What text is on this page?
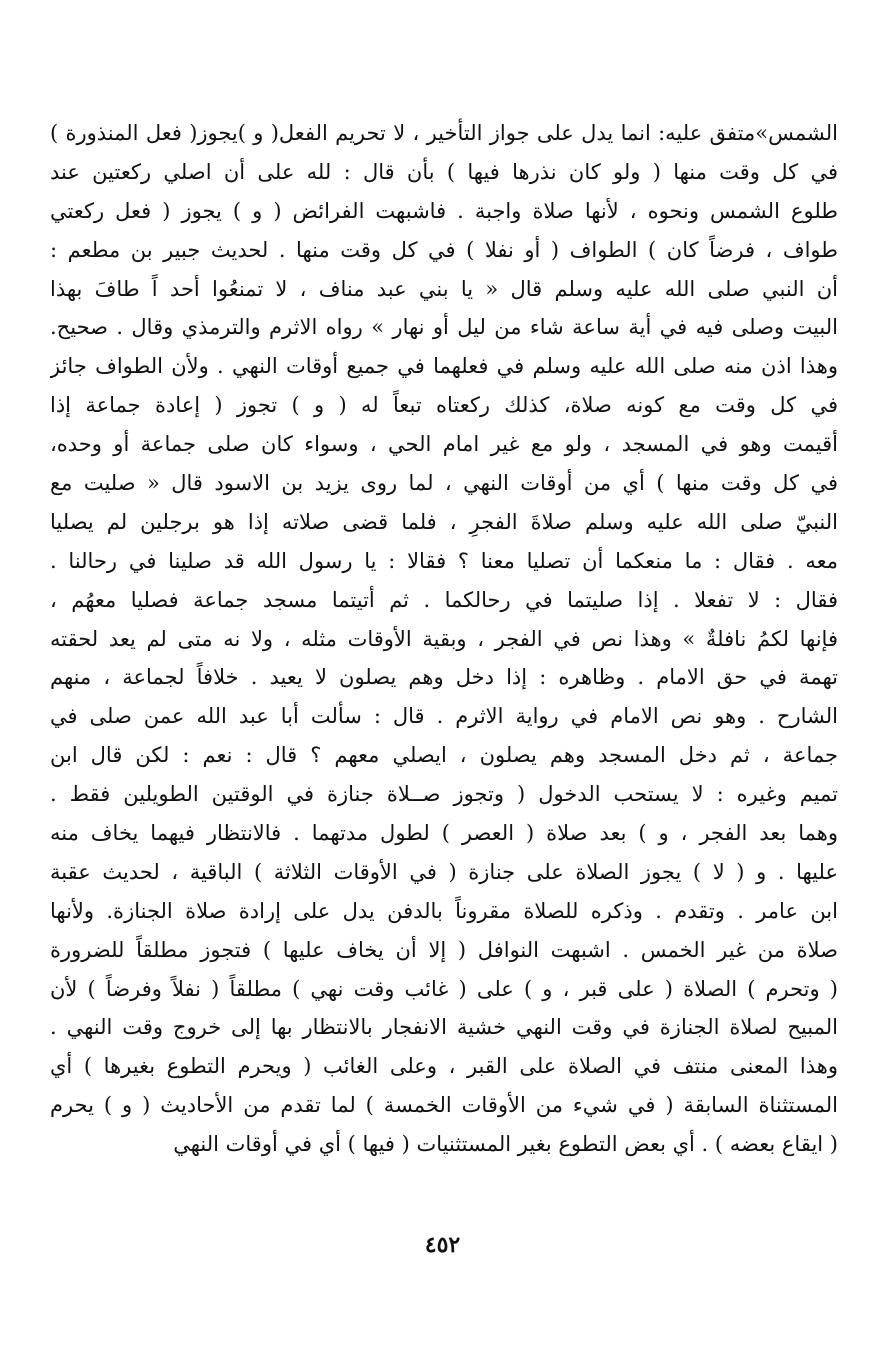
الشمس»متفق عليه: انما يدل على جواز التأخير ، لا تحريم الفعل( و )يجوز( فعل المنذورة )
في كل وقت منها ( ولو كان نذرها فيها ) بأن قال : لله على أن اصلي ركعتين عند
طلوع الشمس ونحوه ، لأنها صلاة واجبة . فاشبهت الفرائض ( و ) يجوز ( فعل ركعتي
طواف ، فرضاً كان ) الطواف ( أو نفلا ) في كل وقت منها . لحديث جبير بن مطعم :
أن النبي صلى الله عليه وسلم قال « يا بني عبد مناف ، لا تمنعُوا أحد اً طافَ بهذا
البيت وصلى فيه في أية ساعة شاء من ليل أو نهار » رواه الاثرم والترمذي وقال . صحيح.
وهذا اذن منه صلى الله عليه وسلم في فعلهما في جميع أوقات النهي . ولأن الطواف جائز
في كل وقت مع كونه صلاة، كذلك ركعتاه تبعاً له ( و ) تجوز ( إعادة جماعة إذا
أقيمت وهو في المسجد ، ولو مع غير امام الحي ، وسواء كان صلى جماعة أو وحده،
في كل وقت منها ) أي من أوقات النهي ، لما روى يزيد بن الاسود قال « صليت مع
النبيّ صلى الله عليه وسلم صلاةَ الفجرِ ، فلما قضى صلاته إذا هو برجلين لم يصليا
معه . فقال : ما منعكما أن تصليا معنا ؟ فقالا : يا رسول الله قد صلينا في رحالنا .
فقال : لا تفعلا . إذا صليتما في رحالكما . ثم أتيتما مسجد جماعة فصليا معهُم ،
فإنها لكمُ نافلةٌ » وهذا نص في الفجر ، وبقية الأوقات مثله ، ولا نه متى لم يعد لحقته
تهمة في حق الامام . وظاهره : إذا دخل وهم يصلون لا يعيد . خلافاً لجماعة ، منهم
الشارح . وهو نص الامام في رواية الاثرم . قال : سألت أبا عبد الله عمن صلى في
جماعة ، ثم دخل المسجد وهم يصلون ، ايصلي معهم ؟ قال : نعم : لكن قال ابن
تميم وغيره : لا يستحب الدخول ( وتجوز صــلاة جنازة في الوقتين الطويلين فقط .
وهما بعد الفجر ، و ) بعد صلاة ( العصر ) لطول مدتهما . فالانتظار فيهما يخاف منه
عليها . و ( لا ) يجوز الصلاة على جنازة ( في الأوقات الثلاثة ) الباقية ، لحديث عقبة
ابن عامر . وتقدم . وذكره للصلاة مقروناً بالدفن يدل على إرادة صلاة الجنازة. ولأنها
صلاة من غير الخمس . اشبهت النوافل ( إلا أن يخاف عليها ) فتجوز مطلقاً للضرورة
( وتحرم ) الصلاة ( على قبر ، و ) على ( غائب وقت نهي ) مطلقاً ( نفلاً وفرضاً ) لأن
المبيح لصلاة الجنازة في وقت النهي خشية الانفجار بالانتظار بها إلى خروج وقت النهي .
وهذا المعنى منتف في الصلاة على القبر ، وعلى الغائب ( ويحرم التطوع بغيرها ) أي
المستثناة السابقة ( في شيء من الأوقات الخمسة ) لما تقدم من الأحاديث ( و ) يحرم
( ايقاع بعضه ) . أي بعض التطوع بغير المستثنيات ( فيها ) أي في أوقات النهي
٤٥٢
